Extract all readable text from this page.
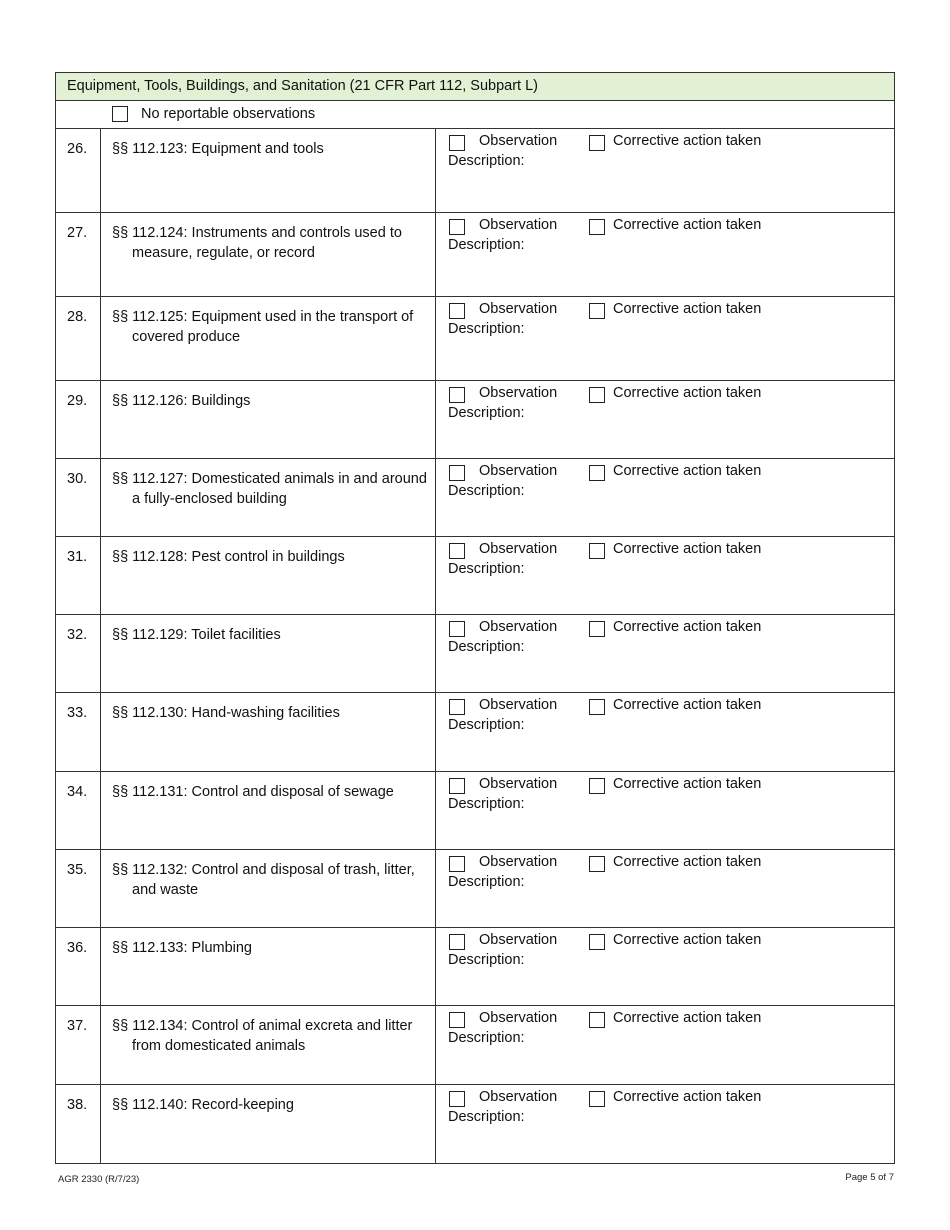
Equipment, Tools, Buildings, and Sanitation (21 CFR Part 112, Subpart L)
No reportable observations
26.	§§ 112.123: Equipment and tools	Observation	Corrective action taken
Description:
27.	§§ 112.124: Instruments and controls used to measure, regulate, or record
Observation	Corrective action taken
Description:
28.	§§ 112.125: Equipment used in the transport of covered produce
Observation	Corrective action taken
Description:
29.	§§ 112.126: Buildings	Observation	Corrective action taken
Description:
30.	§§ 112.127: Domesticated animals in and around a fully-enclosed building
Observation	Corrective action taken
Description:
31.	§§ 112.128: Pest control in buildings	Observation	Corrective action taken
Description:
32.	§§ 112.129: Toilet facilities	Observation	Corrective action taken
Description:
33.	§§ 112.130: Hand-washing facilities	Observation	Corrective action taken
Description:
34.	§§ 112.131: Control and disposal of sewage	Observation	Corrective action taken
Description:
35.	§§ 112.132: Control and disposal of trash, litter, and waste
Observation	Corrective action taken
Description:
36.	§§ 112.133: Plumbing	Observation	Corrective action taken
Description:
37.	§§ 112.134: Control of animal excreta and litter from domesticated animals
Observation	Corrective action taken
Description:
38.	§§ 112.140: Record-keeping	Observation	Corrective action taken
Description:
AGR 2330 (R/7/23)	Page 5 of 7
